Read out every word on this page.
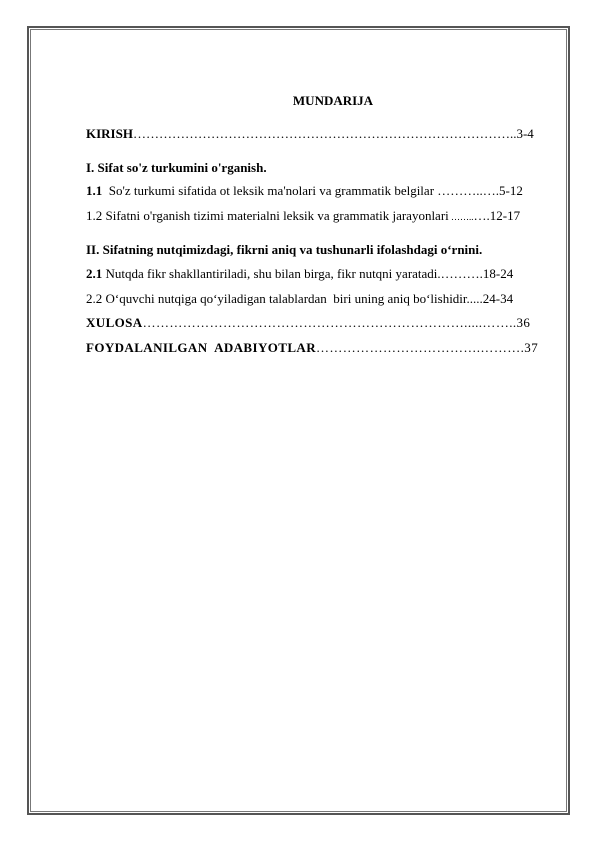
MUNDARIJA
KIRISH……………………………………………………………………………..3-4
I. Sifat so'z turkumini o'rganish.
1.1  So'z turkumi sifatida ot leksik ma'nolari va grammatik belgilar ………..….5-12
1.2 Sifatni o'rganish tizimi materialni leksik va grammatik jarayonlari ……..….12-17
II. Sifatning nutqimizdagi, fikrni aniq va tushunarli ifolashdagi o‘rnini.
2.1 Nutqda fikr shakllantiriladi, shu bilan birga, fikr nutqni yaratadi.……….18-24
2.2 O‘quvchi nutqiga qo‘yiladigan talablardan  biri uning aniq bo‘lishidir.....24-34
XULOSA……………………………………………………………….....……..36
FOYDALANILGAN  ADABIYOTLAR……………………………….……….37
